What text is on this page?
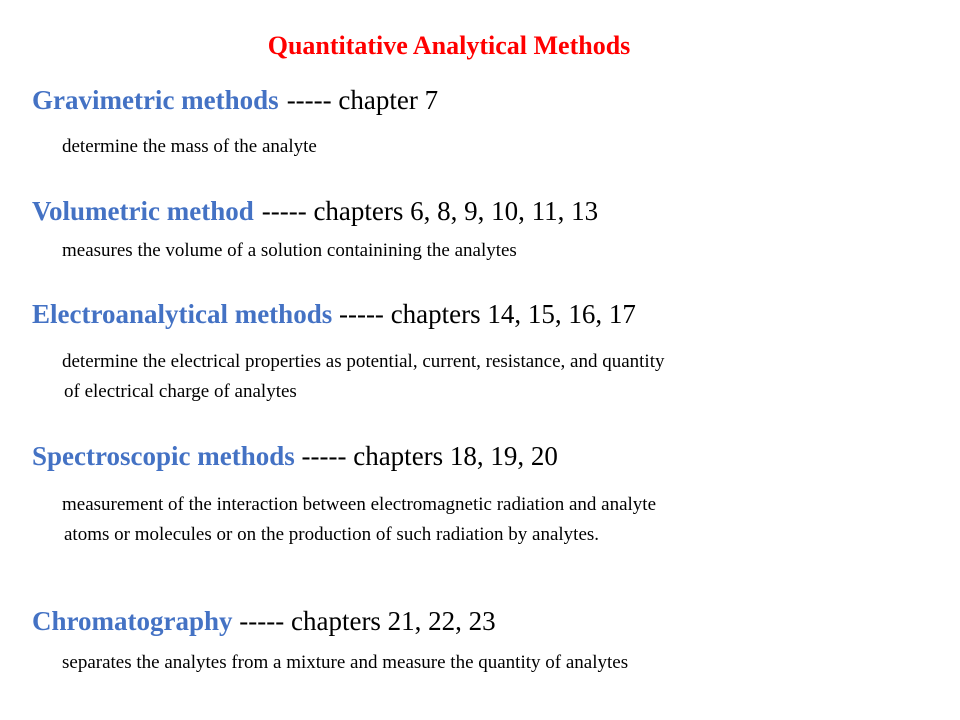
Quantitative Analytical Methods
Gravimetric methods ----- chapter 7
determine the mass of the analyte
Volumetric method ----- chapters 6, 8, 9, 10, 11, 13
measures the volume of a solution containining the analytes
Electroanalytical methods ----- chapters 14, 15, 16, 17
determine the electrical properties as potential, current, resistance, and quantity
of electrical charge of analytes
Spectroscopic methods ----- chapters 18, 19, 20
measurement of the interaction between electromagnetic radiation and analyte
atoms or molecules or on the production of such radiation by analytes.
Chromatography ----- chapters 21, 22, 23
separates the analytes from a mixture and measure the quantity of analytes
